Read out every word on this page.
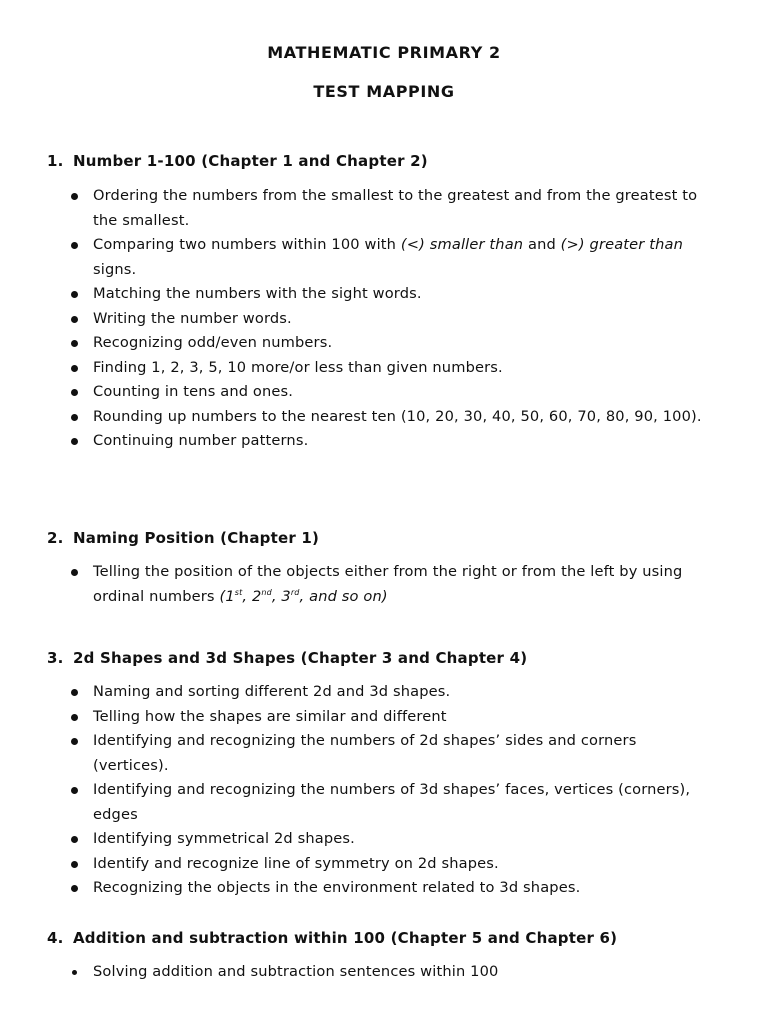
MATHEMATIC PRIMARY 2
TEST MAPPING
1. Number 1-100 (Chapter 1 and Chapter 2)
Ordering the numbers from the smallest to the greatest and from the greatest to the smallest.
Comparing two numbers within 100 with (<) smaller than and (>) greater than signs.
Matching the numbers with the sight words.
Writing the number words.
Recognizing odd/even numbers.
Finding 1, 2, 3, 5, 10 more/or less than given numbers.
Counting in tens and ones.
Rounding up numbers to the nearest ten (10, 20, 30, 40, 50, 60, 70, 80, 90, 100).
Continuing number patterns.
2. Naming Position (Chapter 1)
Telling the position of the objects either from the right or from the left by using ordinal numbers (1st, 2nd, 3rd, and so on)
3. 2d Shapes and 3d Shapes (Chapter 3 and Chapter 4)
Naming and sorting different 2d and 3d shapes.
Telling how the shapes are similar and different
Identifying and recognizing the numbers of 2d shapes’ sides and corners (vertices).
Identifying and recognizing the numbers of 3d shapes’ faces, vertices (corners), edges
Identifying symmetrical 2d shapes.
Identify and recognize line of symmetry on 2d shapes.
Recognizing the objects in the environment related to 3d shapes.
4. Addition and subtraction within 100 (Chapter 5 and Chapter 6)
Solving addition and subtraction sentences within 100
